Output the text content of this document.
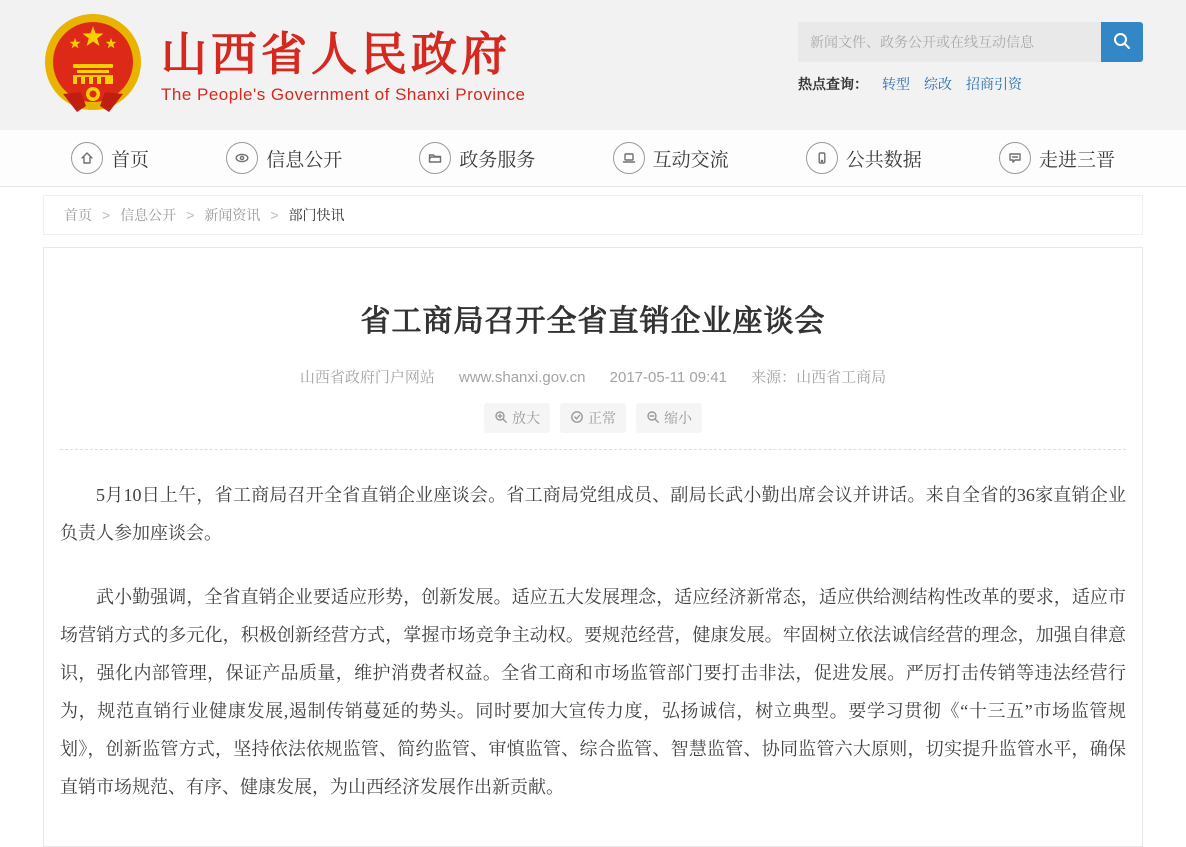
山西省人民政府
The People's Government of Shanxi Province
新闻文件、政务公开或在线互动信息
热点查询： 转型 综改 招商引资
首页	信息公开	政务服务	互动交流	公共数据	走进三晋
首页 > 信息公开 > 新闻资讯 > 部门快讯
省工商局召开全省直销企业座谈会
山西省政府门户网站 www.shanxi.gov.cn 2017-05-11 09:41 来源：山西省工商局
放大	正常	缩小

5月10日上午，省工商局召开全省直销企业座谈会。省工商局党组成员、副局长武小勤出席会议并讲话。来自全省的36家直销企业负责人参加座谈会。

武小勤强调，全省直销企业要适应形势，创新发展。适应五大发展理念，适应经济新常态，适应供给测结构性改革的要求，适应市场营销方式的多元化，积极创新经营方式，掌握市场竞争主动权。要规范经营，健康发展。牢固树立依法诚信经营的理念，加强自律意识，强化内部管理，保证产品质量，维护消费者权益。全省工商和市场监管部门要打击非法，促进发展。严厉打击传销等违法经营行为，规范直销行业健康发展,遏制传销蔓延的势头。同时要加大宣传力度，弘扬诚信，树立典型。要学习贯彻《“十三五”市场监管规划》，创新监管方式，坚持依法依规监管、简约监管、审慎监管、综合监管、智慧监管、协同监管六大原则，切实提升监管水平，确保直销市场规范、有序、健康发展，为山西经济发展作出新贡献。
